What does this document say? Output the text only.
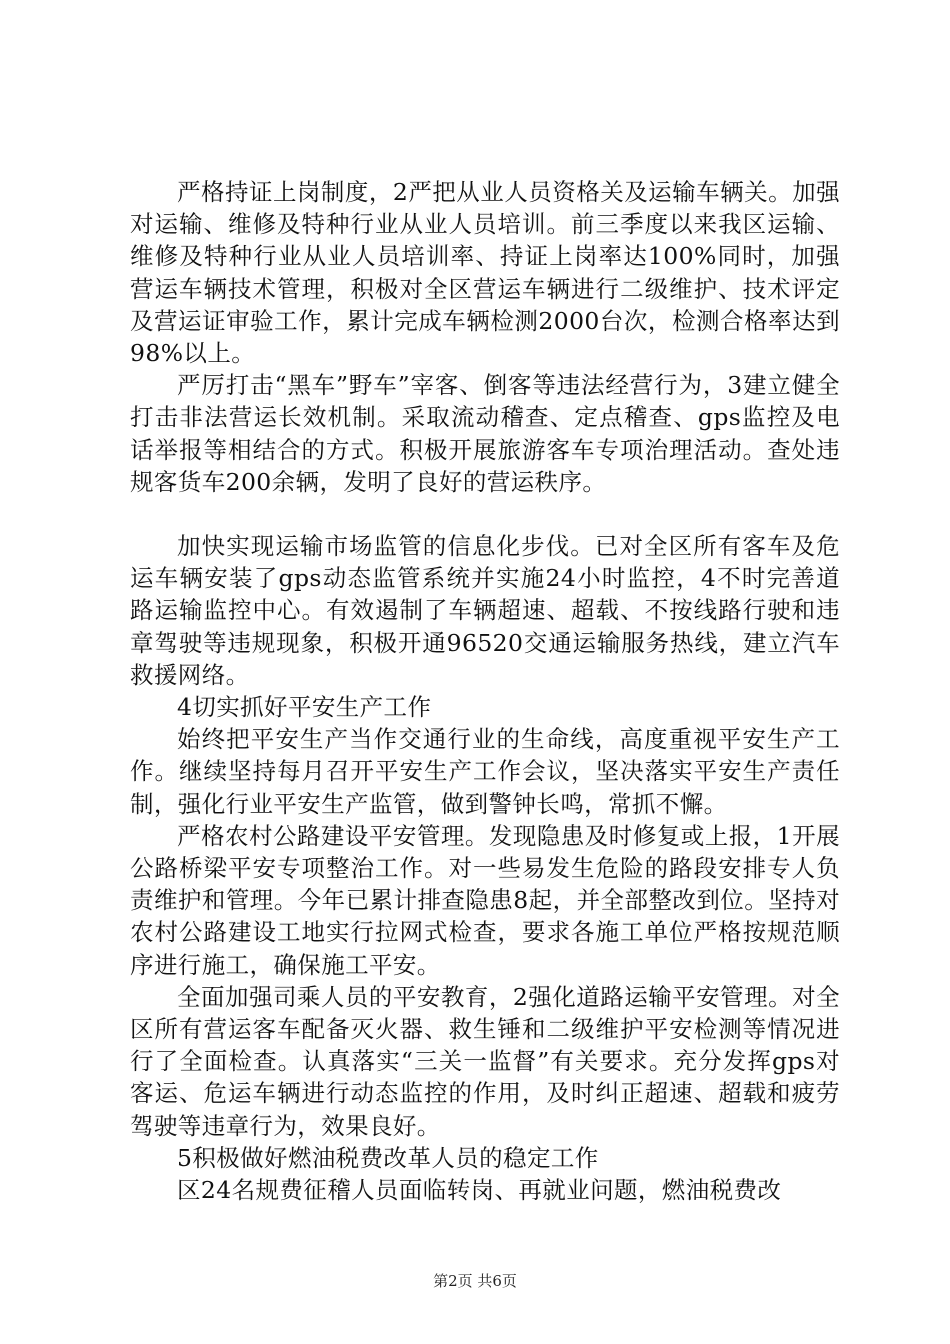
严格持证上岗制度，2严把从业人员资格关及运输车辆关。加强对运输、维修及特种行业从业人员培训。前三季度以来我区运输、维修及特种行业从业人员培训率、持证上岗率达100%同时，加强营运车辆技术管理，积极对全区营运车辆进行二级维护、技术评定及营运证审验工作，累计完成车辆检测2000台次，检测合格率达到98%以上。

严厉打击“黑车”野车”宰客、倒客等违法经营行为，3建立健全打击非法营运长效机制。采取流动稽查、定点稽查、gps监控及电话举报等相结合的方式。积极开展旅游客车专项治理活动。查处违规客货车200余辆，发明了良好的营运秩序。

加快实现运输市场监管的信息化步伐。已对全区所有客车及危运车辆安装了gps动态监管系统并实施24小时监控，4不时完善道路运输监控中心。有效遏制了车辆超速、超载、不按线路行驶和违章驾驶等违规现象，积极开通96520交通运输服务热线，建立汽车救援网络。

4切实抓好平安生产工作

始终把平安生产当作交通行业的生命线，高度重视平安生产工作。继续坚持每月召开平安生产工作会议，坚决落实平安生产责任制，强化行业平安生产监管，做到警钟长鸣，常抓不懈。

严格农村公路建设平安管理。发现隐患及时修复或上报，1开展公路桥梁平安专项整治工作。对一些易发生危险的路段安排专人负责维护和管理。今年已累计排查隐患8起，并全部整改到位。坚持对农村公路建设工地实行拉网式检查，要求各施工单位严格按规范顺序进行施工，确保施工平安。

全面加强司乘人员的平安教育，2强化道路运输平安管理。对全区所有营运客车配备灭火器、救生锤和二级维护平安检测等情况进行了全面检查。认真落实“三关一监督”有关要求。充分发挥gps对客运、危运车辆进行动态监控的作用，及时纠正超速、超载和疲劳驾驶等违章行为，效果良好。

5积极做好燃油税费改革人员的稳定工作

区24名规费征稽人员面临转岗、再就业问题，燃油税费改

第2页 共6页
